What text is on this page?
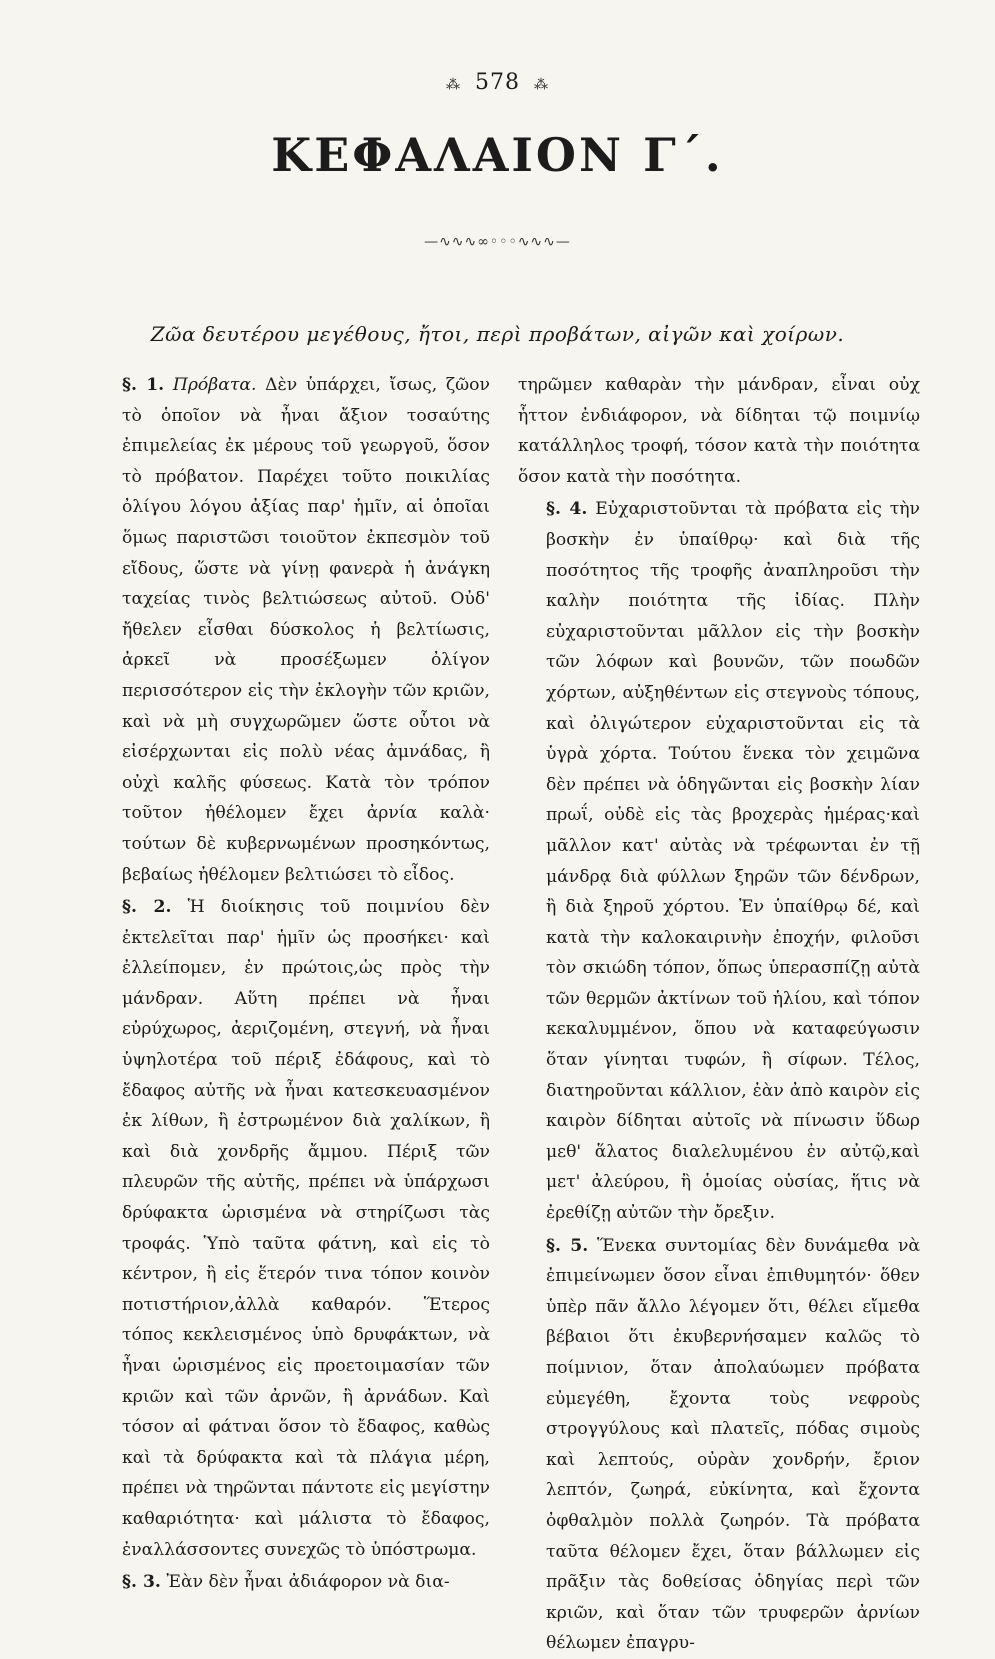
⁂ 578 ⁂
ΚΕΦΑΛΑΙΟΝ Γ΄.
—∿∿∿∞◦◦◦∿∿∿—
Ζῶα δευτέρου μεγέθους, ἤτοι, περὶ προβάτων, αἰγῶν καὶ χοίρων.

§. 1. Πρόβατα. Δὲν ὑπάρχει, ἴσως, ζῶον τὸ ὁποῖον νὰ ἦναι ἄξιον τοσαύτης ἐπιμελείας ἐκ μέρους τοῦ γεωργοῦ, ὅσον τὸ πρόβατον. Παρέχει τοῦτο ποικιλίας ὀλίγου λόγου ἀξίας παρ' ἡμῖν, αἱ ὁποῖαι ὅμως παριστῶσι τοιοῦτον ἐκπεσμὸν τοῦ εἴδους, ὥστε νὰ γίνῃ φανερὰ ἡ ἀνάγκη ταχείας τινὸς βελτιώσεως αὐτοῦ. Οὐδ' ἤθελεν εἶσθαι δύσκολος ἡ βελτίωσις, ἀρκεῖ νὰ προσέξωμεν ὀλίγον περισσότερον εἰς τὴν ἐκλογὴν τῶν κριῶν, καὶ νὰ μὴ συγχωρῶμεν ὥστε οὗτοι νὰ εἰσέρχωνται εἰς πολὺ νέας ἀμνάδας, ἢ οὐχὶ καλῆς φύσεως. Κατὰ τὸν τρόπον τοῦτον ἠθέλομεν ἔχει ἀρνία καλὰ· τούτων δὲ κυβερνωμένων προσηκόντως, βεβαίως ἠθέλομεν βελτιώσει τὸ εἶδος.

§. 2. Ἡ διοίκησις τοῦ ποιμνίου δὲν ἐκτελεῖται παρ' ἡμῖν ὡς προσήκει· καὶ ἐλλείπομεν, ἐν πρώτοις,ὡς πρὸς τὴν μάνδραν. Αὕτη πρέπει νὰ ἦναι εὐρύχωρος, ἀεριζομένη, στεγνή, νὰ ἦναι ὑψηλοτέρα τοῦ πέριξ ἐδάφους, καὶ τὸ ἔδαφος αὐτῆς νὰ ἦναι κατεσκευασμένον ἐκ λίθων, ἢ ἐστρωμένον διὰ χαλίκων, ἢ καὶ διὰ χονδρῆς ἄμμου. Πέριξ τῶν πλευρῶν τῆς αὐτῆς, πρέπει νὰ ὑπάρχωσι δρύφακτα ὡρισμένα νὰ στηρίζωσι τὰς τροφάς. Ὑπὸ ταῦτα φάτνη, καὶ εἰς τὸ κέντρον, ἢ εἰς ἕτερόν τινα τόπον κοινὸν ποτιστήριον,ἀλλὰ καθαρόν. Ἕτερος τόπος κεκλεισμένος ὑπὸ δρυφάκτων, νὰ ἦναι ὡρισμένος εἰς προετοιμασίαν τῶν κριῶν καὶ τῶν ἀρνῶν, ἢ ἀρνάδων. Καὶ τόσον αἱ φάτναι ὅσον τὸ ἔδαφος, καθὼς καὶ τὰ δρύφακτα καὶ τὰ πλάγια μέρη, πρέπει νὰ τηρῶνται πάντοτε εἰς μεγίστην καθαριότητα· καὶ μάλιστα τὸ ἔδαφος, ἐναλλάσσοντες συνεχῶς τὸ ὑπόστρωμα.

§. 3. Ἐὰν δὲν ἦναι ἀδιάφορον νὰ δια-

τηρῶμεν καθαρὰν τὴν μάνδραν, εἶναι οὐχ ἧττον ἐνδιάφορον, νὰ δίδηται τῷ ποιμνίῳ κατάλληλος τροφή, τόσον κατὰ τὴν ποιότητα ὅσον κατὰ τὴν ποσότητα.

§. 4. Εὐχαριστοῦνται τὰ πρόβατα εἰς τὴν βοσκὴν ἐν ὑπαίθρῳ· καὶ διὰ τῆς ποσότητος τῆς τροφῆς ἀναπληροῦσι τὴν καλὴν ποιότητα τῆς ἰδίας. Πλὴν εὐχαριστοῦνται μᾶλλον εἰς τὴν βοσκὴν τῶν λόφων καὶ βουνῶν, τῶν ποωδῶν χόρτων, αὐξηθέντων εἰς στεγνοὺς τόπους, καὶ ὀλιγώτερον εὐχαριστοῦνται εἰς τὰ ὑγρὰ χόρτα. Τούτου ἕνεκα τὸν χειμῶνα δὲν πρέπει νὰ ὁδηγῶνται εἰς βοσκὴν λίαν πρωΐ, οὐδὲ εἰς τὰς βροχερὰς ἡμέρας·καὶ μᾶλλον κατ' αὐτὰς νὰ τρέφωνται ἐν τῇ μάνδρᾳ διὰ φύλλων ξηρῶν τῶν δένδρων, ἢ διὰ ξηροῦ χόρτου. Ἐν ὑπαίθρῳ δέ, καὶ κατὰ τὴν καλοκαιρινὴν ἐποχήν, φιλοῦσι τὸν σκιώδη τόπον, ὅπως ὑπερασπίζῃ αὐτὰ τῶν θερμῶν ἀκτίνων τοῦ ἡλίου, καὶ τόπον κεκαλυμμένον, ὅπου νὰ καταφεύγωσιν ὅταν γίνηται τυφών, ἢ σίφων. Τέλος, διατηροῦνται κάλλιον, ἐὰν ἀπὸ καιρὸν εἰς καιρὸν δίδηται αὐτοῖς νὰ πίνωσιν ὕδωρ μεθ' ἅλατος διαλελυμένου ἐν αὐτῷ,καὶ μετ' ἀλεύρου, ἢ ὁμοίας οὐσίας, ἥτις νὰ ἐρεθίζῃ αὐτῶν τὴν ὄρεξιν.

§. 5. Ἕνεκα συντομίας δὲν δυνάμεθα νὰ ἐπιμείνωμεν ὅσον εἶναι ἐπιθυμητόν· ὅθεν ὑπὲρ πᾶν ἄλλο λέγομεν ὅτι, θέλει εἴμεθα βέβαιοι ὅτι ἐκυβερνήσαμεν καλῶς τὸ ποίμνιον, ὅταν ἀπολαύωμεν πρόβατα εὐμεγέθη, ἔχοντα τοὺς νεφροὺς στρογγύλους καὶ πλατεῖς, πόδας σιμοὺς καὶ λεπτούς, οὐρὰν χονδρήν, ἔριον λεπτόν, ζωηρά, εὐκίνητα, καὶ ἔχοντα ὀφθαλμὸν πολλὰ ζωηρόν. Τὰ πρόβατα ταῦτα θέλομεν ἔχει, ὅταν βάλλωμεν εἰς πρᾶξιν τὰς δοθείσας ὁδηγίας περὶ τῶν κριῶν, καὶ ὅταν τῶν τρυφερῶν ἀρνίων θέλωμεν ἐπαγρυ-
